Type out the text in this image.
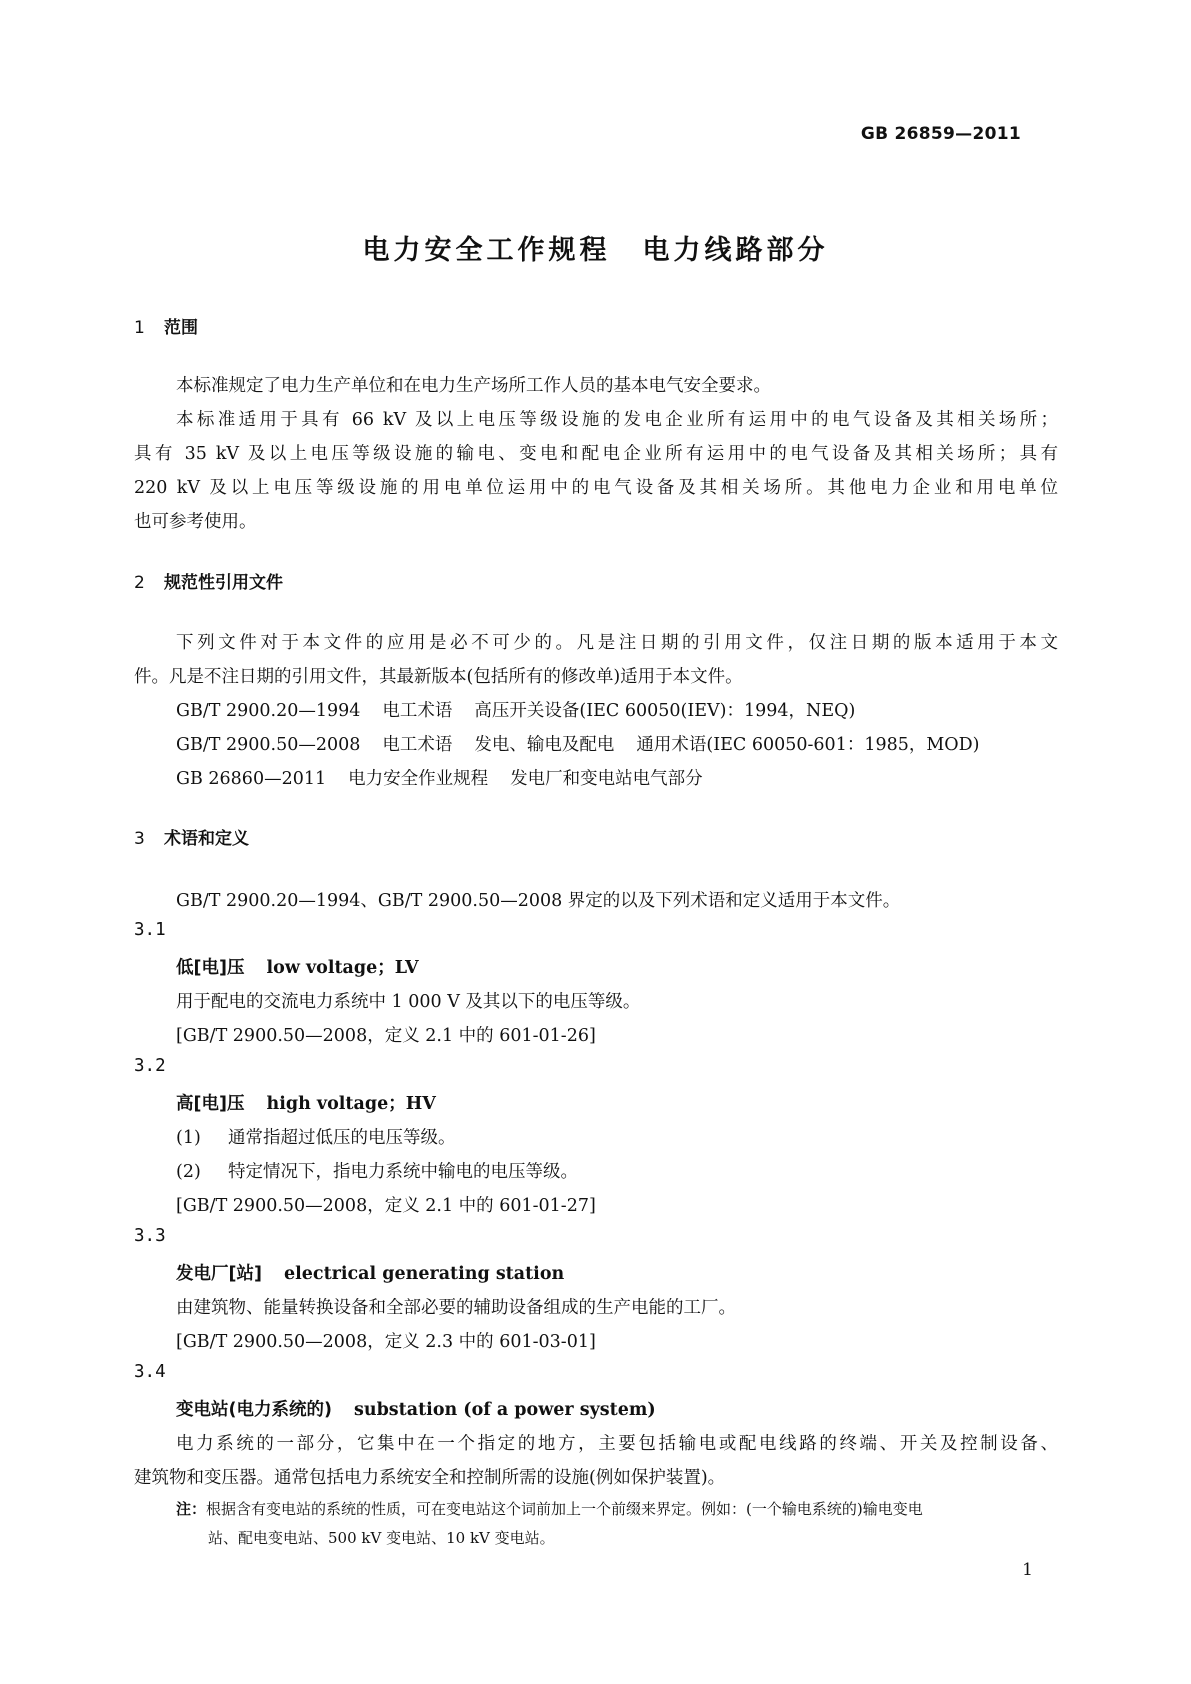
GB 26859—2011
电力安全工作规程 电力线路部分
1 范围
本标准规定了电力生产单位和在电力生产场所工作人员的基本电气安全要求。
本标准适用于具有 66 kV 及以上电压等级设施的发电企业所有运用中的电气设备及其相关场所；
具有 35 kV 及以上电压等级设施的输电、变电和配电企业所有运用中的电气设备及其相关场所；具有
220 kV 及以上电压等级设施的用电单位运用中的电气设备及其相关场所。其他电力企业和用电单位
也可参考使用。
2 规范性引用文件
下列文件对于本文件的应用是必不可少的。凡是注日期的引用文件，仅注日期的版本适用于本文
件。凡是不注日期的引用文件，其最新版本(包括所有的修改单)适用于本文件。
GB/T 2900.20—1994 电工术语 高压开关设备(IEC 60050(IEV)：1994，NEQ)
GB/T 2900.50—2008 电工术语 发电、输电及配电 通用术语(IEC 60050-601：1985，MOD)
GB 26860—2011 电力安全作业规程 发电厂和变电站电气部分
3 术语和定义
GB/T 2900.20—1994、GB/T 2900.50—2008 界定的以及下列术语和定义适用于本文件。
3.1
低[电]压 low voltage；LV
用于配电的交流电力系统中 1 000 V 及其以下的电压等级。
[GB/T 2900.50—2008，定义 2.1 中的 601-01-26]
3.2
高[电]压 high voltage；HV
(1) 通常指超过低压的电压等级。
(2) 特定情况下，指电力系统中输电的电压等级。
[GB/T 2900.50—2008，定义 2.1 中的 601-01-27]
3.3
发电厂[站] electrical generating station
由建筑物、能量转换设备和全部必要的辅助设备组成的生产电能的工厂。
[GB/T 2900.50—2008，定义 2.3 中的 601-03-01]
3.4
变电站(电力系统的) substation (of a power system)
电力系统的一部分，它集中在一个指定的地方，主要包括输电或配电线路的终端、开关及控制设备、
建筑物和变压器。通常包括电力系统安全和控制所需的设施(例如保护装置)。
注：根据含有变电站的系统的性质，可在变电站这个词前加上一个前缀来界定。例如：(一个输电系统的)输电变电
站、配电变电站、500 kV 变电站、10 kV 变电站。
1
